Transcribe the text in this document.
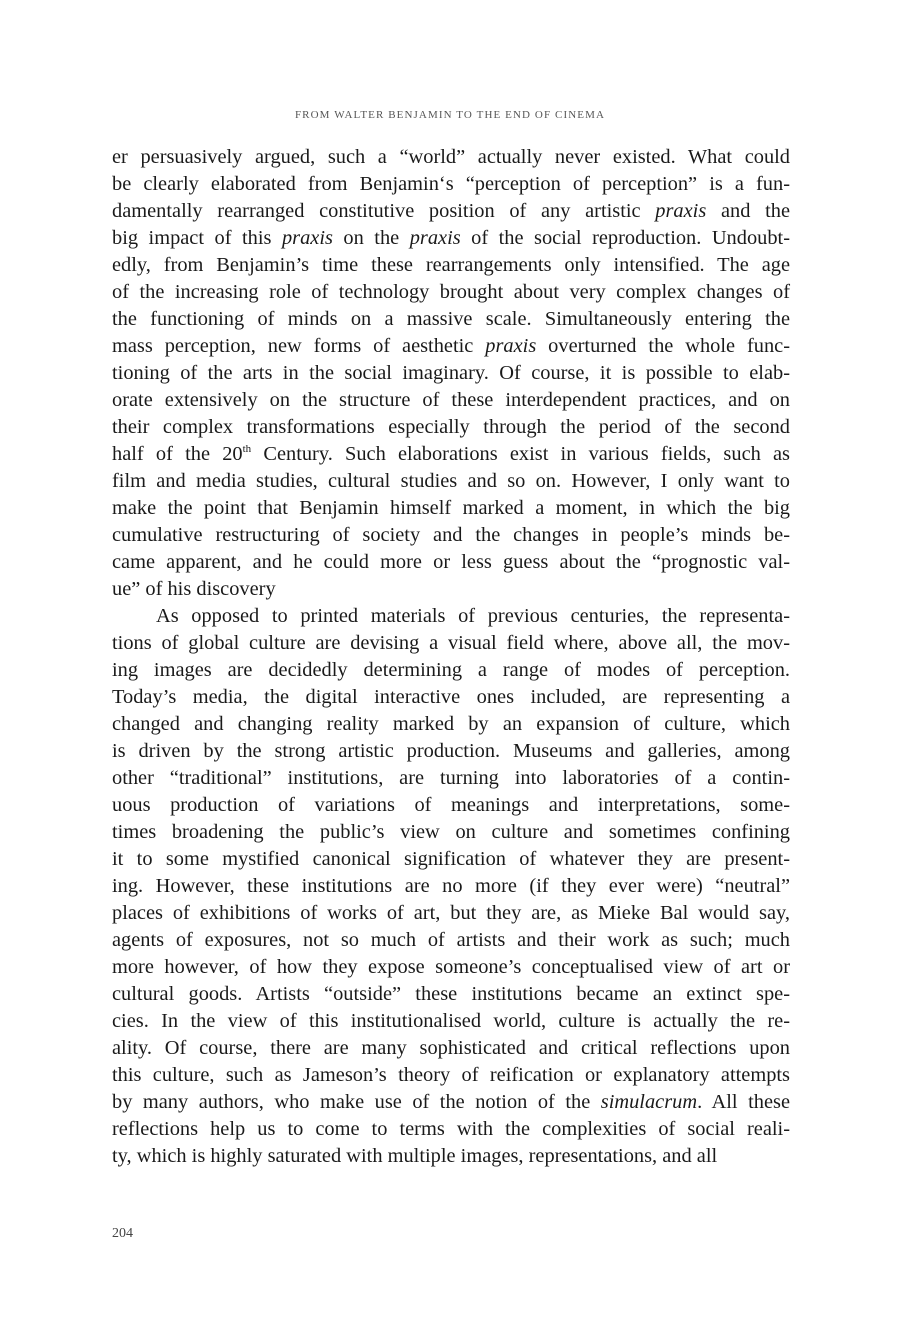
FROM WALTER BENJAMIN TO THE END OF CINEMA
er persuasively argued, such a “world” actually never existed. What could
be clearly elaborated from Benjamin‘s “perception of perception” is a fun-
damentally rearranged constitutive position of any artistic praxis and the
big impact of this praxis on the praxis of the social reproduction. Undoubt-
edly, from Benjamin’s time these rearrangements only intensified. The age
of the increasing role of technology brought about very complex changes of
the functioning of minds on a massive scale. Simultaneously entering the
mass perception, new forms of aesthetic praxis overturned the whole func-
tioning of the arts in the social imaginary. Of course, it is possible to elab-
orate extensively on the structure of these interdependent practices, and on
their complex transformations especially through the period of the second
half of the 20th Century. Such elaborations exist in various fields, such as
film and media studies, cultural studies and so on. However, I only want to
make the point that Benjamin himself marked a moment, in which the big
cumulative restructuring of society and the changes in people’s minds be-
came apparent, and he could more or less guess about the “prognostic val-
ue” of his discovery
As opposed to printed materials of previous centuries, the representa-
tions of global culture are devising a visual field where, above all, the mov-
ing images are decidedly determining a range of modes of perception.
Today’s media, the digital interactive ones included, are representing a
changed and changing reality marked by an expansion of culture, which
is driven by the strong artistic production. Museums and galleries, among
other “traditional” institutions, are turning into laboratories of a contin-
uous production of variations of meanings and interpretations, some-
times broadening the public’s view on culture and sometimes confining
it to some mystified canonical signification of whatever they are present-
ing. However, these institutions are no more (if they ever were) “neutral”
places of exhibitions of works of art, but they are, as Mieke Bal would say,
agents of exposures, not so much of artists and their work as such; much
more however, of how they expose someone’s conceptualised view of art or
cultural goods. Artists “outside” these institutions became an extinct spe-
cies. In the view of this institutionalised world, culture is actually the re-
ality. Of course, there are many sophisticated and critical reflections upon
this culture, such as Jameson’s theory of reification or explanatory attempts
by many authors, who make use of the notion of the simulacrum. All these
reflections help us to come to terms with the complexities of social reali-
ty, which is highly saturated with multiple images, representations, and all
204
